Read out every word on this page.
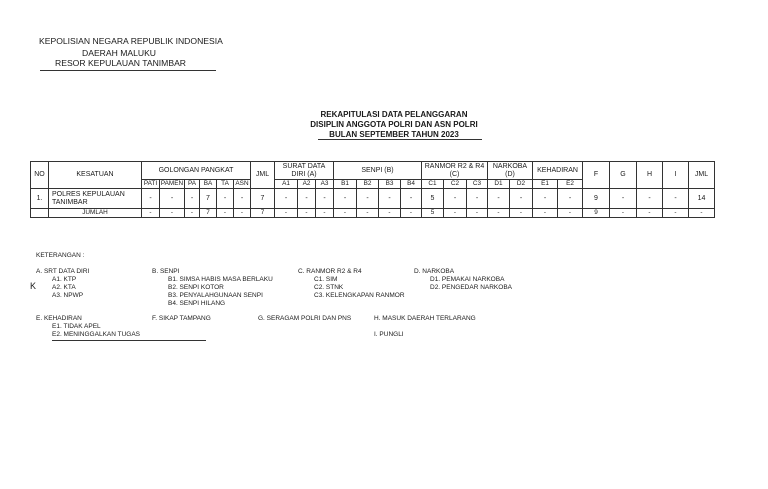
KEPOLISIAN NEGARA REPUBLIK INDONESIA
DAERAH MALUKU
RESOR KEPULAUAN TANIMBAR
REKAPITULASI DATA PELANGGARAN
DISIPLIN ANGGOTA POLRI DAN ASN POLRI
BULAN SEPTEMBER TAHUN 2023
NO	KESATUAN	GOLONGAN PANGKAT						JML	SURAT DATA DIRI (A)			SENPI (B)				RANMOR R2 & R4 (C)			NARKOBA (D)		KEHADIRAN		F	G	H	I	JML
		PATI	PAMEN	PA	BA	TA	ASN		A1	A2	A3	B1	B2	B3	B4	C1	C2	C3	D1	D2	E1	E2					
1.	POLRES KEPULAUAN TANIMBAR	-	-	-	7	-	-	7	-	-	-	-	-	-	-	5	-	-	-	-	-	-	9	-	-	-	14
	JUMLAH	-	-	-	7	-	-	7	-	-	-	-	-	-	-	5	-	-	-	-	-	-	9	-	-	-	-
KETERANGAN :
K
A. SRT DATA DIRI
A1. KTP
A2. KTA
A3. NPWP
B. SENPI
B1. SIMSA HABIS MASA BERLAKU
B2. SENPI KOTOR
B3. PENYALAHGUNAAN SENPI
B4. SENPI HILANG
C. RANMOR R2 & R4
C1. SIM
C2. STNK
C3. KELENGKAPAN RANMOR
D. NARKOBA
D1. PEMAKAI NARKOBA
D2. PENGEDAR NARKOBA
E. KEHADIRAN
E1. TIDAK APEL
E2. MENINGGALKAN TUGAS
F. SIKAP TAMPANG	G. SERAGAM POLRI DAN PNS	H. MASUK DAERAH TERLARANG
I. PUNGLI
